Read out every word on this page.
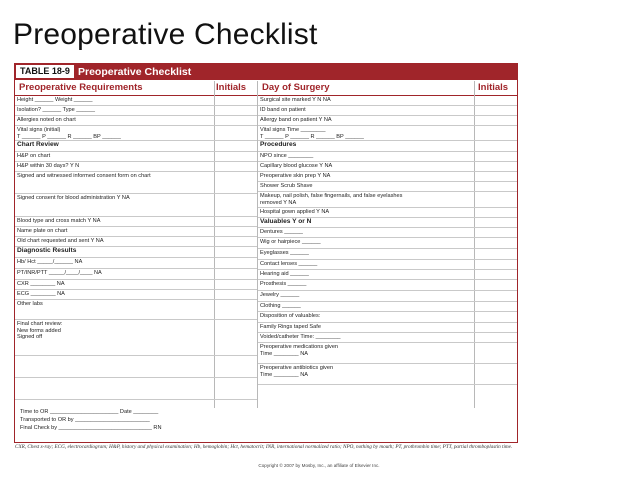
Preoperative Checklist
TABLE 18-9 Preoperative Checklist
Preoperative Requirements	Initials Day of Surgery	Initials
Height ______ Weight ______
Isolation? ______ Type ______
Allergies noted on chart
Vital signs (initial)
T ______ P ______ R ______ BP ______
Chart Review
H&P on chart
H&P within 30 days? Y N
Signed and witnessed informed consent form on chart
Signed consent for blood administration Y NA
Blood type and cross match Y NA
Name plate on chart
Old chart requested and sent Y NA
Diagnostic Results
Hb/ Hct _____/______ NA
PT/INR/PTT _____/____/____ NA
CXR ________ NA
ECG ________ NA
Other labs
Final chart review:
New forms added
Signed off
Surgical site marked Y N NA
ID band on patient
Allergy band on patient Y NA
Vital signs Time ________
T ______ P ______ R ______ BP ______
Procedures
NPO since ________
Capillary blood glucose Y NA
Preoperative skin prep Y NA
Shower Scrub Shave
Makeup, nail polish, false fingernails, and false eyelashes
removed Y NA
Hospital gown applied Y NA
Valuables Y or N
Dentures ______
Wig or hairpiece ______
Eyeglasses ______
Contact lenses ______
Hearing aid ______
Prosthesis ______
Jewelry ______
Clothing ______
Disposition of valuables:
Family Rings taped Safe
Voided/catheter Time: ________
Preoperative medications given
Time ________ NA
Preoperative antibiotics given
Time ________ NA
Time to OR ______________________ Date ________
Transported to OR by ________________________
Final Check by ______________________________ RN
CXR, Chest x-ray; ECG, electrocardiogram; H&P, history and physical examination; Hb, hemoglobin; Hct, hematocrit; INR, international normalized ratio; NPO, nothing by mouth; PT, prothrombin time; PTT, partial thromboplastin time.
Copyright © 2007 by Mosby, Inc., an affiliate of Elsevier Inc.
